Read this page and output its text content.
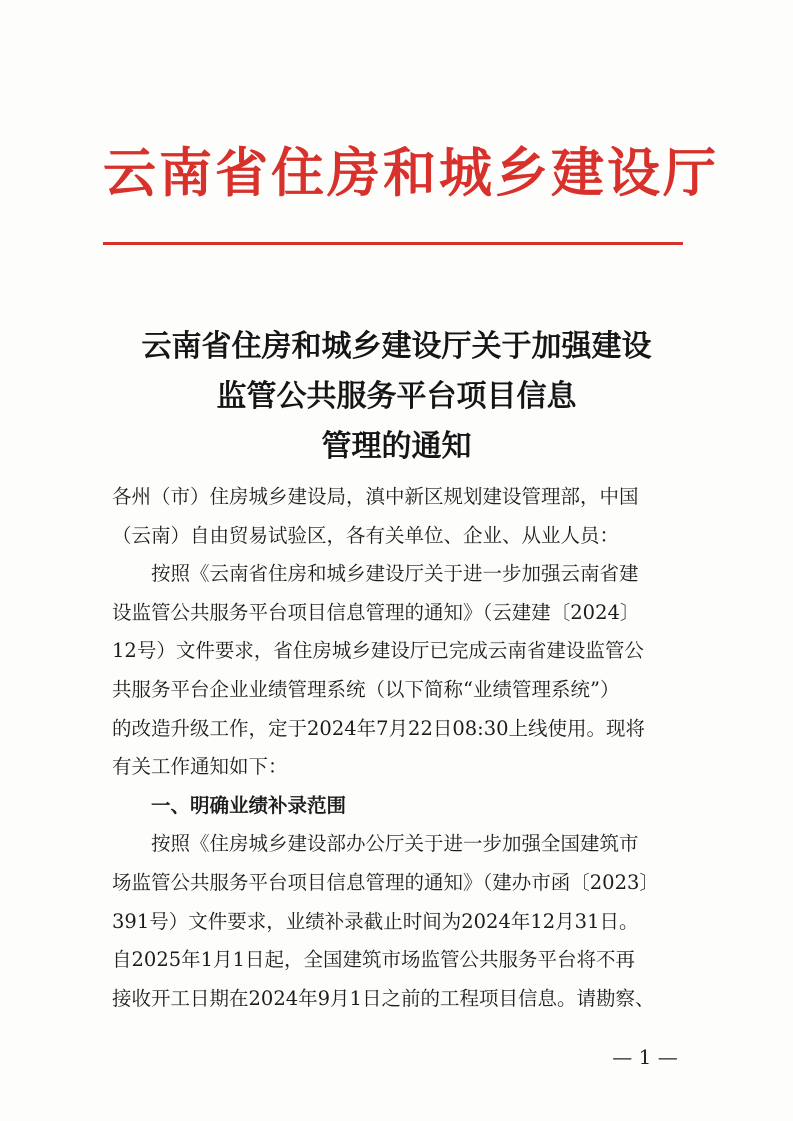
云南省住房和城乡建设厅
云南省住房和城乡建设厅关于加强建设
监管公共服务平台项目信息
管理的通知
各州（市）住房城乡建设局，滇中新区规划建设管理部，中国
（云南）自由贸易试验区，各有关单位、企业、从业人员：
按照《云南省住房和城乡建设厅关于进一步加强云南省建
设监管公共服务平台项目信息管理的通知》（云建建〔2024〕
12号）文件要求，省住房城乡建设厅已完成云南省建设监管公
共服务平台企业业绩管理系统（以下简称“业绩管理系统”）
的改造升级工作，定于2024年7月22日08:30上线使用。现将
有关工作通知如下：
一、明确业绩补录范围
按照《住房城乡建设部办公厅关于进一步加强全国建筑市
场监管公共服务平台项目信息管理的通知》（建办市函〔2023〕
391号）文件要求，业绩补录截止时间为2024年12月31日。
自2025年1月1日起，全国建筑市场监管公共服务平台将不再
接收开工日期在2024年9月1日之前的工程项目信息。请勘察、
— 1 —
